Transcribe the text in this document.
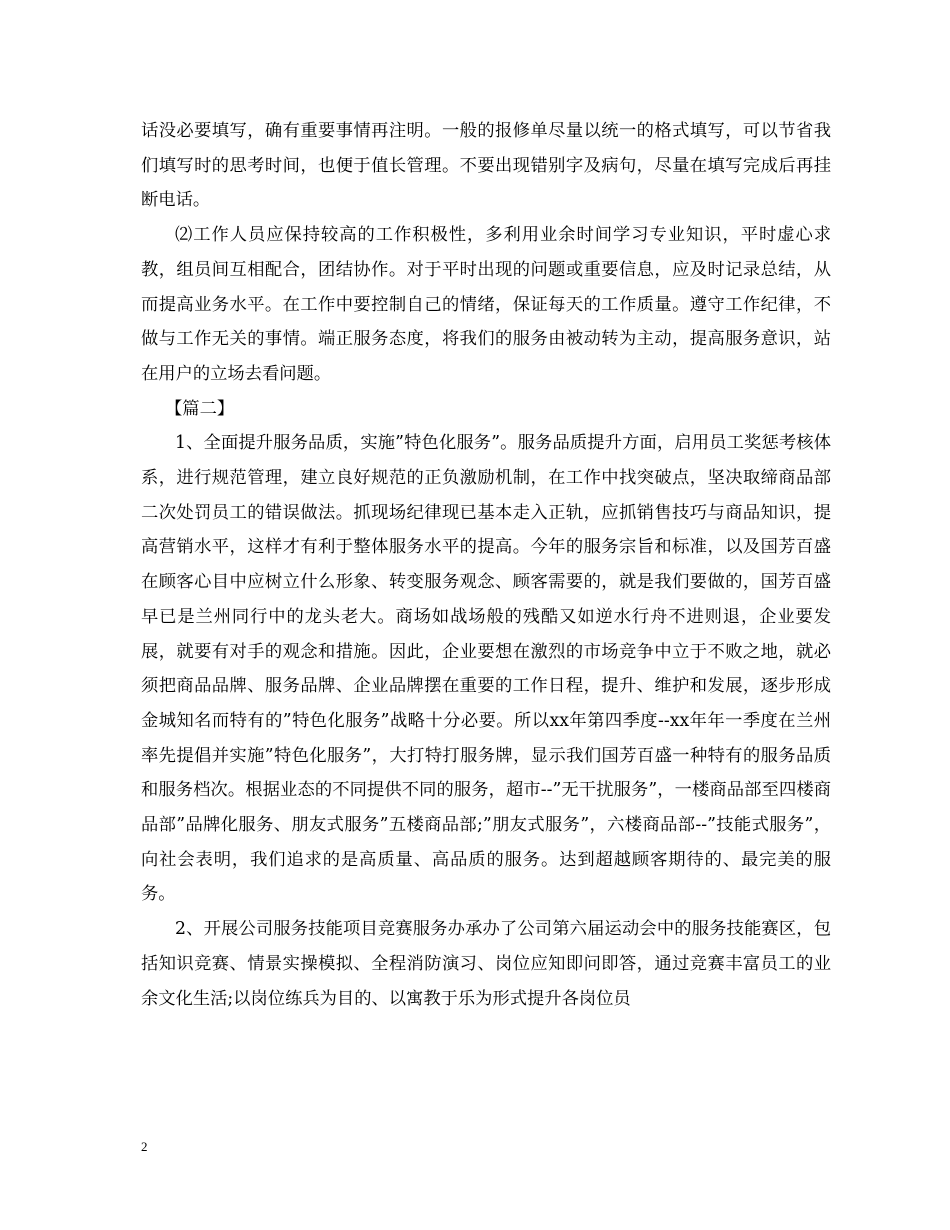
话没必要填写，确有重要事情再注明。一般的报修单尽量以统一的格式填写，可以节省我们填写时的思考时间，也便于值长管理。不要出现错别字及病句，尽量在填写完成后再挂断电话。

⑵工作人员应保持较高的工作积极性，多利用业余时间学习专业知识，平时虚心求教，组员间互相配合，团结协作。对于平时出现的问题或重要信息，应及时记录总结，从而提高业务水平。在工作中要控制自己的情绪，保证每天的工作质量。遵守工作纪律，不做与工作无关的事情。端正服务态度，将我们的服务由被动转为主动，提高服务意识，站在用户的立场去看问题。

【篇二】

1、全面提升服务品质，实施”特色化服务”。服务品质提升方面，启用员工奖惩考核体系，进行规范管理，建立良好规范的正负激励机制，在工作中找突破点，坚决取缔商品部二次处罚员工的错误做法。抓现场纪律现已基本走入正轨，应抓销售技巧与商品知识，提高营销水平，这样才有利于整体服务水平的提高。今年的服务宗旨和标准，以及国芳百盛在顾客心目中应树立什么形象、转变服务观念、顾客需要的，就是我们要做的，国芳百盛早已是兰州同行中的龙头老大。商场如战场般的残酷又如逆水行舟不进则退，企业要发展，就要有对手的观念和措施。因此，企业要想在激烈的市场竞争中立于不败之地，就必须把商品品牌、服务品牌、企业品牌摆在重要的工作日程，提升、维护和发展，逐步形成金城知名而特有的”特色化服务”战略十分必要。所以xx年第四季度--xx年年一季度在兰州率先提倡并实施”特色化服务”，大打特打服务牌，显示我们国芳百盛一种特有的服务品质和服务档次。根据业态的不同提供不同的服务，超市--”无干扰服务”，一楼商品部至四楼商品部”品牌化服务、朋友式服务”五楼商品部;”朋友式服务”，六楼商品部--”技能式服务”，向社会表明，我们追求的是高质量、高品质的服务。达到超越顾客期待的、最完美的服务。

2、开展公司服务技能项目竞赛服务办承办了公司第六届运动会中的服务技能赛区，包括知识竞赛、情景实操模拟、全程消防演习、岗位应知即问即答，通过竞赛丰富员工的业余文化生活;以岗位练兵为目的、以寓教于乐为形式提升各岗位员

2
